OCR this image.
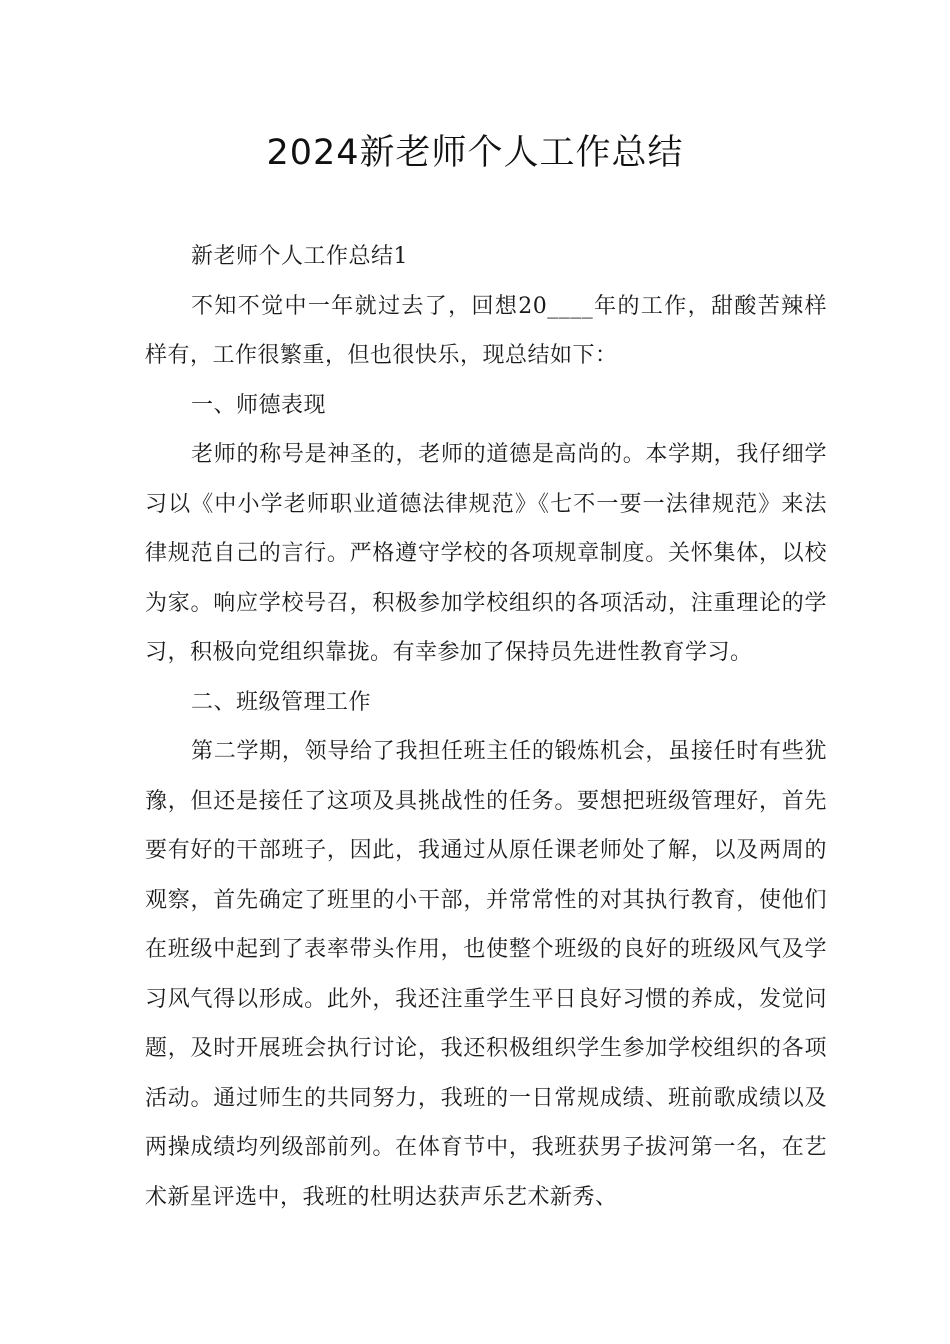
2024新老师个人工作总结

新老师个人工作总结1

不知不觉中一年就过去了，回想20____年的工作，甜酸苦辣样样有，工作很繁重，但也很快乐，现总结如下：

一、师德表现

老师的称号是神圣的，老师的道德是高尚的。本学期，我仔细学习以《中小学老师职业道德法律规范》《七不一要一法律规范》来法律规范自己的言行。严格遵守学校的各项规章制度。关怀集体，以校为家。响应学校号召，积极参加学校组织的各项活动，注重理论的学习，积极向党组织靠拢。有幸参加了保持员先进性教育学习。

二、班级管理工作

第二学期，领导给了我担任班主任的锻炼机会，虽接任时有些犹豫，但还是接任了这项及具挑战性的任务。要想把班级管理好，首先要有好的干部班子，因此，我通过从原任课老师处了解，以及两周的观察，首先确定了班里的小干部，并常常性的对其执行教育，使他们在班级中起到了表率带头作用，也使整个班级的良好的班级风气及学习风气得以形成。此外，我还注重学生平日良好习惯的养成，发觉问题，及时开展班会执行讨论，我还积极组织学生参加学校组织的各项活动。通过师生的共同努力，我班的一日常规成绩、班前歌成绩以及两操成绩均列级部前列。在体育节中，我班获男子拔河第一名，在艺术新星评选中，我班的杜明达获声乐艺术新秀、
